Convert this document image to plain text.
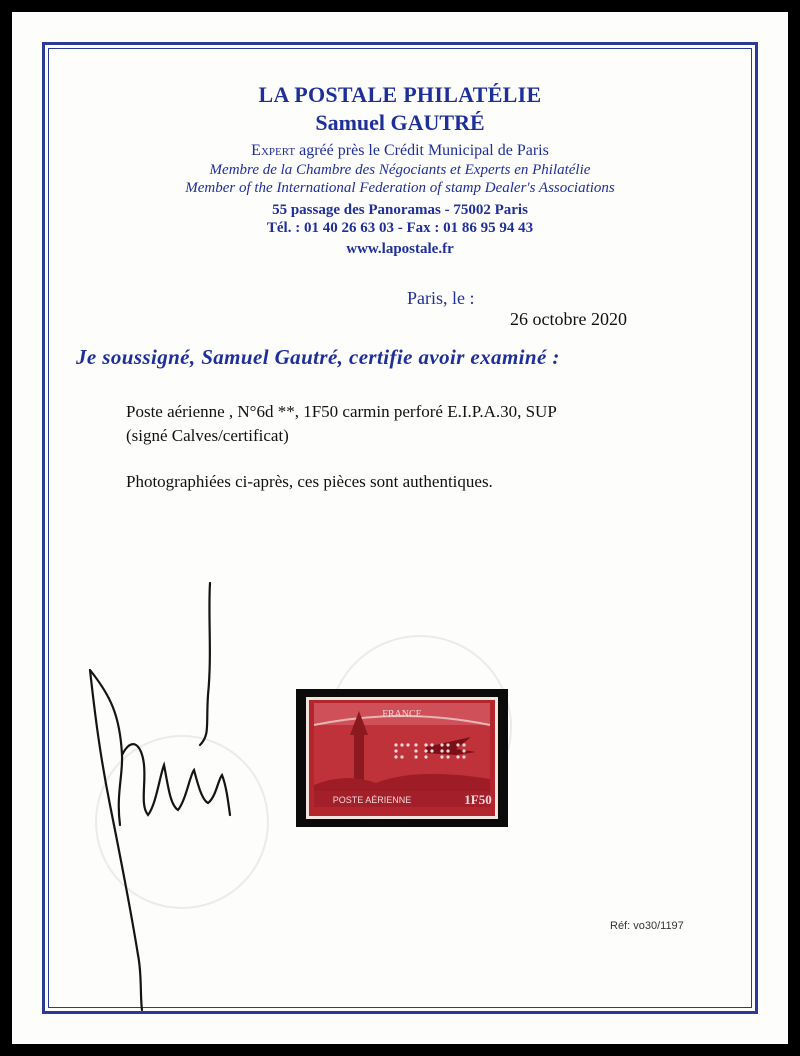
LA POSTALE PHILATÉLIE
Samuel GAUTRÉ
Expert agréé près le Crédit Municipal de Paris
Membre de la Chambre des Négociants et Experts en Philatélie
Member of the International Federation of stamp Dealer's Associations
55 passage des Panoramas - 75002 Paris
Tél. : 01 40 26 63 03 - Fax : 01 86 95 94 43
www.lapostale.fr
Paris, le :
26 octobre 2020
Je soussigné, Samuel Gautré, certifie avoir examiné :
Poste aérienne , N°6d **, 1F50 carmin perforé E.I.P.A.30, SUP
(signé Calves/certificat)
Photographiées ci-après, ces pièces sont authentiques.
FRANCE
POSTE AÉRIENNE	1F50
Réf: vo30/1197
